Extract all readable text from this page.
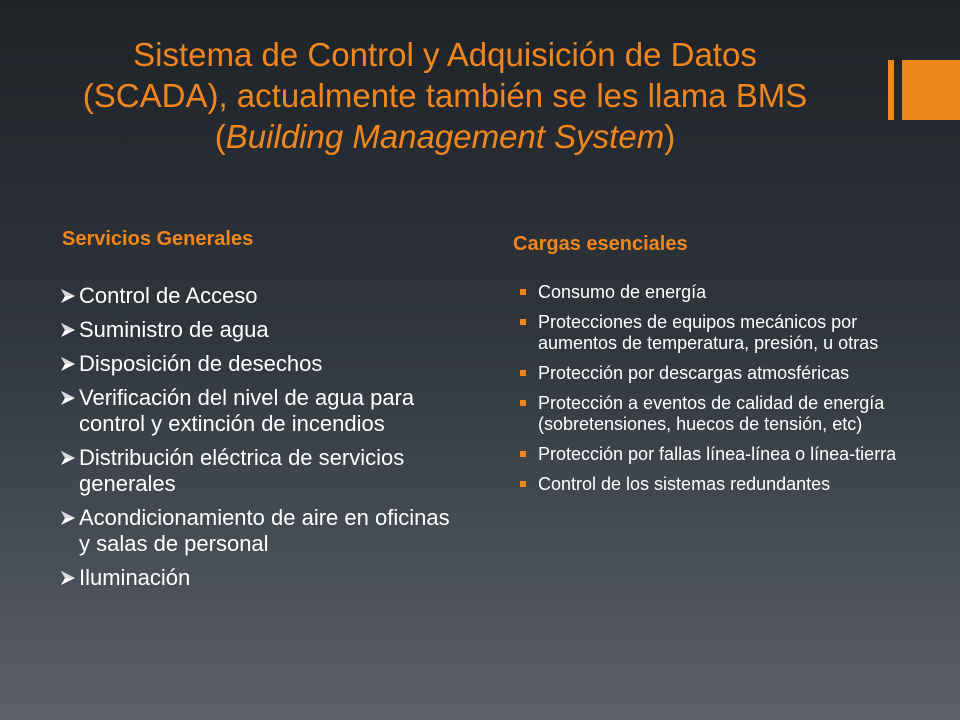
Sistema de Control y Adquisición de Datos
(SCADA), actualmente también se les llama BMS
(Building Management System)
Servicios Generales
Control de Acceso
Suministro de agua
Disposición de desechos
Verificación del nivel de agua para control y extinción de incendios
Distribución eléctrica de servicios generales
Acondicionamiento de aire en oficinas y salas de personal
Iluminación
Cargas esenciales
Consumo de energía
Protecciones de equipos mecánicos por aumentos de temperatura, presión, u otras
Protección por descargas atmosféricas
Protección a eventos de calidad de energía (sobretensiones, huecos de tensión, etc)
Protección por fallas línea-línea o línea-tierra
Control de los sistemas redundantes
